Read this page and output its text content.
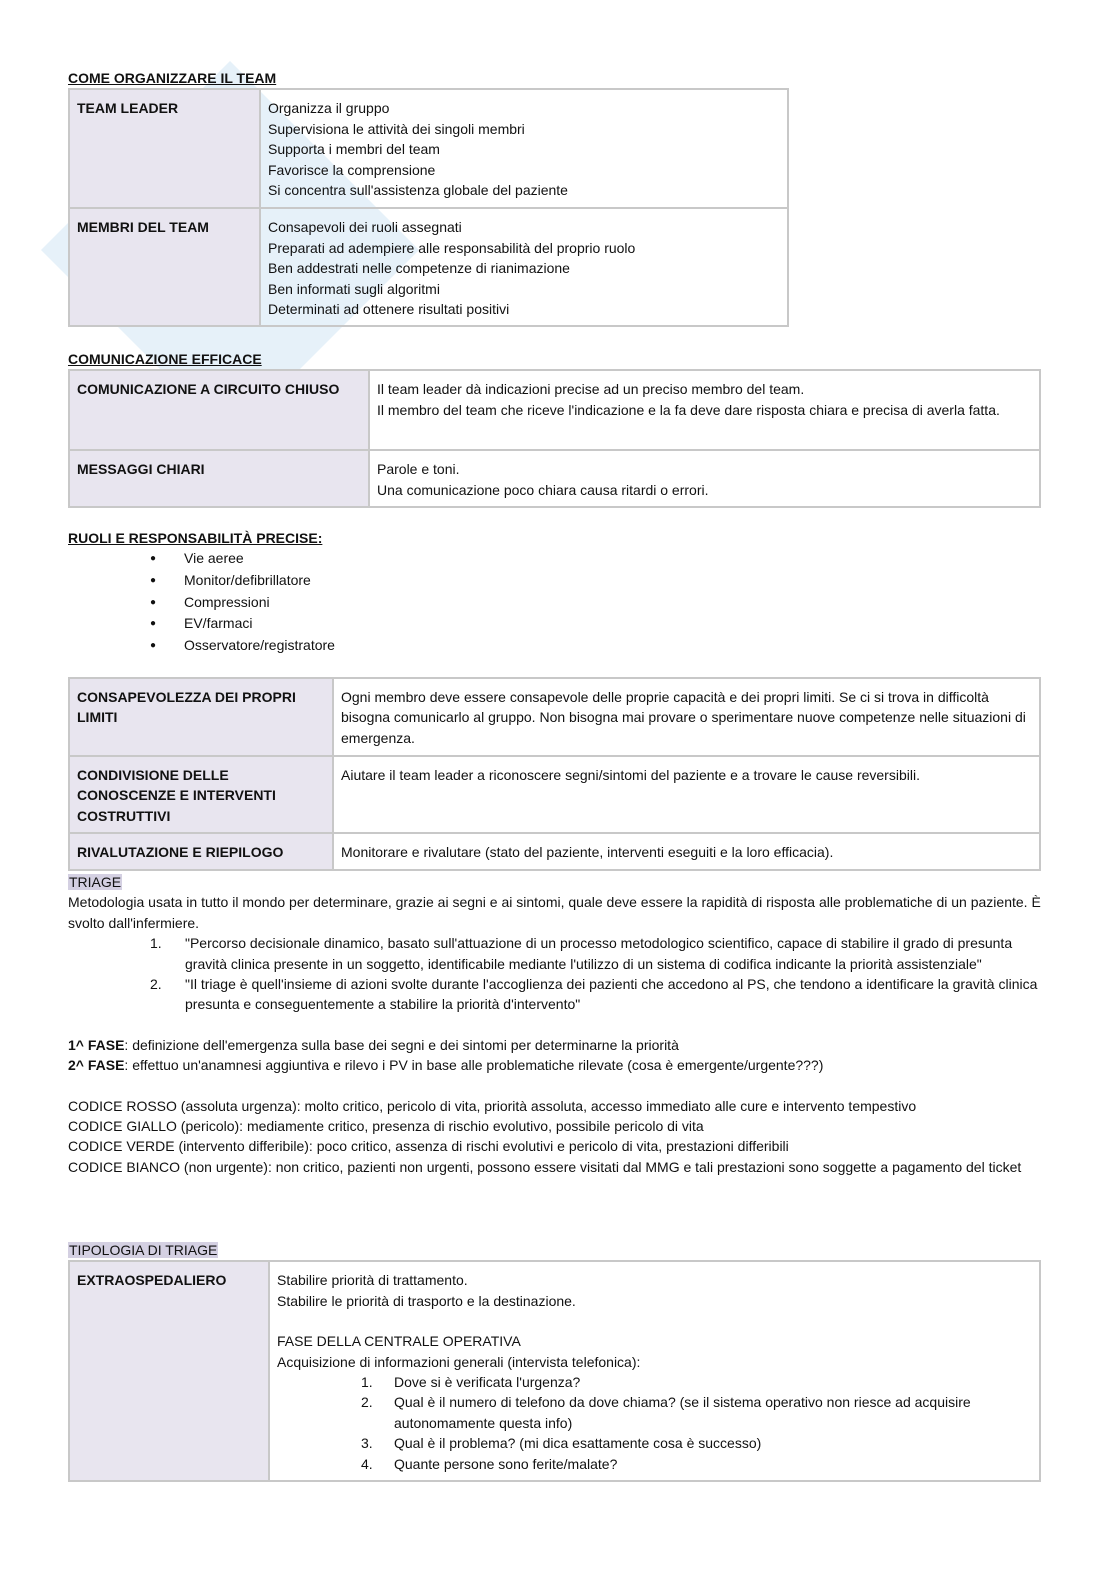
COME ORGANIZZARE IL TEAM
TEAM LEADER	Organizza il gruppo
Supervisiona le attività dei singoli membri
Supporta i membri del team
Favorisce la comprensione
Si concentra sull'assistenza globale del paziente

MEMBRI DEL TEAM	Consapevoli dei ruoli assegnati
Preparati ad adempiere alle responsabilità del proprio ruolo
Ben addestrati nelle competenze di rianimazione
Ben informati sugli algoritmi
Determinati ad ottenere risultati positivi
COMUNICAZIONE EFFICACE
COMUNICAZIONE A CIRCUITO CHIUSO	Il team leader dà indicazioni precise ad un preciso membro del team.
Il membro del team che riceve l'indicazione e la fa deve dare risposta chiara e precisa di averla fatta.

MESSAGGI CHIARI	Parole e toni.
Una comunicazione poco chiara causa ritardi o errori.
RUOLI E RESPONSABILITÀ PRECISE:
● Vie aeree
● Monitor/defibrillatore
● Compressioni
● EV/farmaci
● Osservatore/registratore
CONSAPEVOLEZZA DEI PROPRI LIMITI	Ogni membro deve essere consapevole delle proprie capacità e dei propri limiti. Se ci si trova in difficoltà bisogna comunicarlo al gruppo. Non bisogna mai provare o sperimentare nuove competenze nelle situazioni di emergenza.
CONDIVISIONE DELLE CONOSCENZE E INTERVENTI COSTRUTTIVI	Aiutare il team leader a riconoscere segni/sintomi del paziente e a trovare le cause reversibili.
RIVALUTAZIONE E RIEPILOGO	Monitorare e rivalutare (stato del paziente, interventi eseguiti e la loro efficacia).
TRIAGE
Metodologia usata in tutto il mondo per determinare, grazie ai segni e ai sintomi, quale deve essere la rapidità di risposta alle problematiche di un paziente. È svolto dall'infermiere.
1. "Percorso decisionale dinamico, basato sull'attuazione di un processo metodologico scientifico, capace di stabilire il grado di presunta gravità clinica presente in un soggetto, identificabile mediante l'utilizzo di un sistema di codifica indicante la priorità assistenziale"
2. "Il triage è quell'insieme di azioni svolte durante l'accoglienza dei pazienti che accedono al PS, che tendono a identificare la gravità clinica presunta e conseguentemente a stabilire la priorità d'intervento"
1^ FASE: definizione dell'emergenza sulla base dei segni e dei sintomi per determinarne la priorità
2^ FASE: effettuo un'anamnesi aggiuntiva e rilevo i PV in base alle problematiche rilevate (cosa è emergente/urgente???)
CODICE ROSSO (assoluta urgenza): molto critico, pericolo di vita, priorità assoluta, accesso immediato alle cure e intervento tempestivo
CODICE GIALLO (pericolo): mediamente critico, presenza di rischio evolutivo, possibile pericolo di vita
CODICE VERDE (intervento differibile): poco critico, assenza di rischi evolutivi e pericolo di vita, prestazioni differibili
CODICE BIANCO (non urgente): non critico, pazienti non urgenti, possono essere visitati dal MMG e tali prestazioni sono soggette a pagamento del ticket
TIPOLOGIA DI TRIAGE
EXTRAOSPEDALIERO	Stabilire priorità di trattamento.
Stabilire le priorità di trasporto e la destinazione.
FASE DELLA CENTRALE OPERATIVA
Acquisizione di informazioni generali (intervista telefonica):
1. Dove si è verificata l'urgenza?
2. Qual è il numero di telefono da dove chiama? (se il sistema operativo non riesce ad acquisire autonomamente questa info)
3. Qual è il problema? (mi dica esattamente cosa è successo)
4. Quante persone sono ferite/malate?
